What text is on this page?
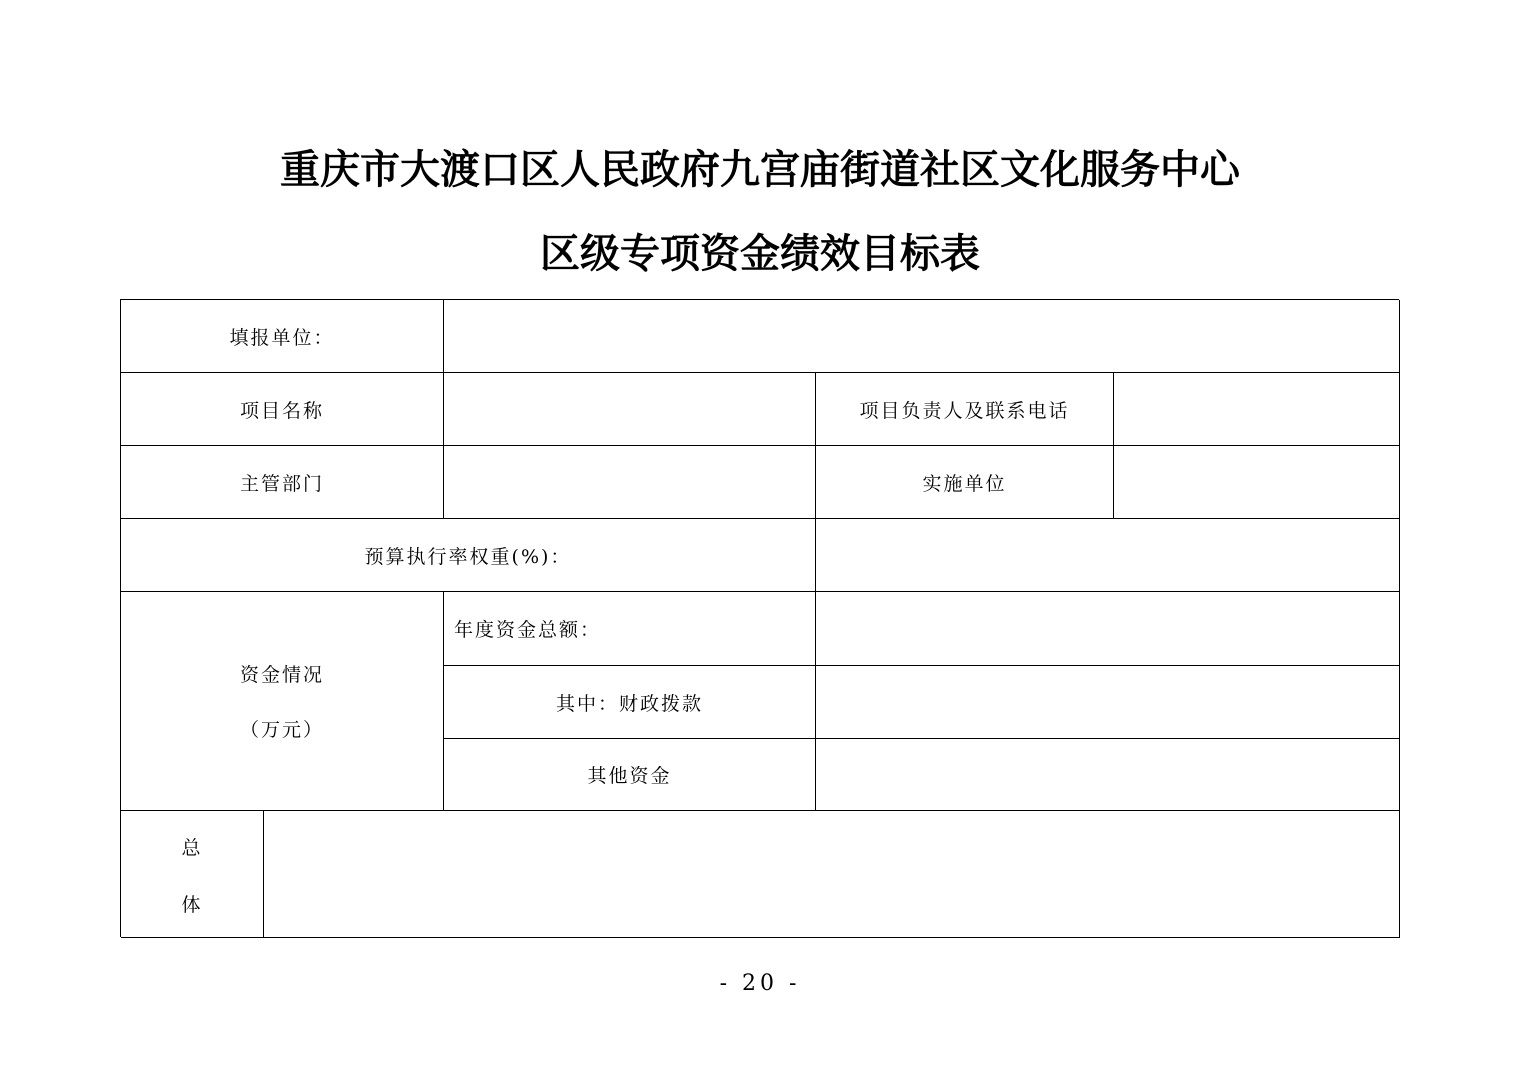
重庆市大渡口区人民政府九宫庙街道社区文化服务中心
区级专项资金绩效目标表
填报单位：
项目名称	项目负责人及联系电话
主管部门	实施单位
预算执行率权重(%)：
资金情况
（万元）
年度资金总额：
其中：财政拨款
其他资金
总
体
- 20 -
